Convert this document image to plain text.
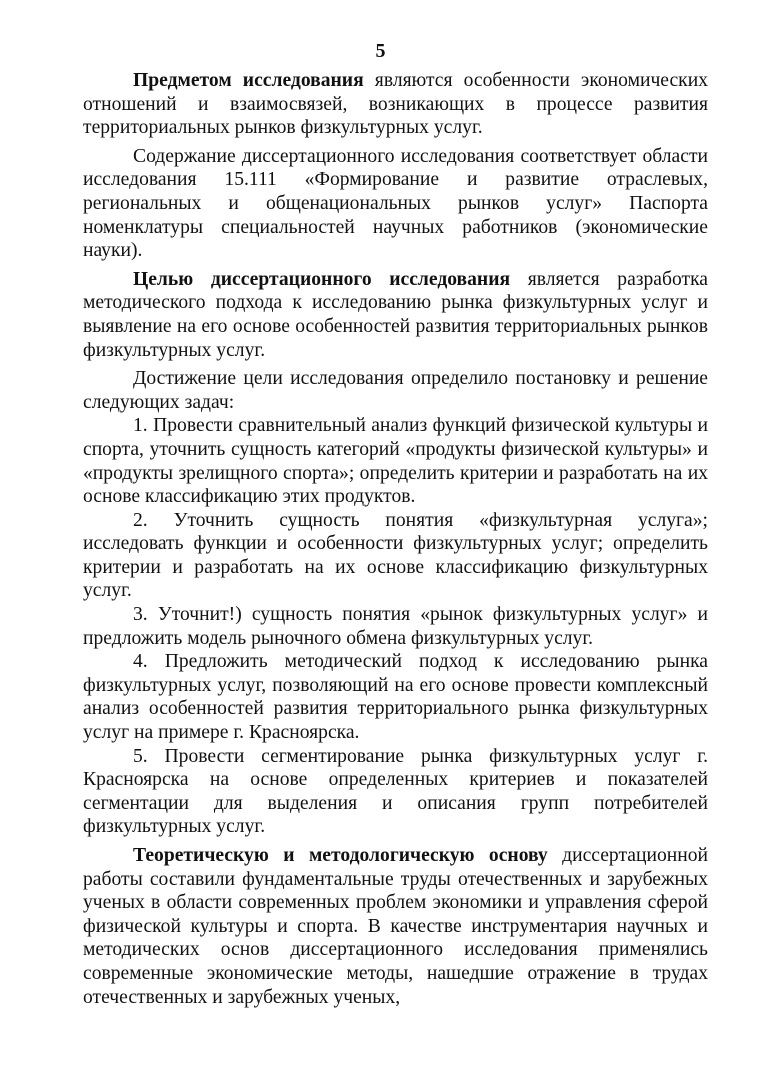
5

Предметом исследования являются особенности экономических отношений и взаимосвязей, возникающих в процессе развития территориальных рынков физкультурных услуг.

Содержание диссертационного исследования соответствует области исследования 15.111 «Формирование и развитие отраслевых, региональных и общенациональных рынков услуг» Паспорта номенклатуры специальностей научных работников (экономические науки).

Целью диссертационного исследования является разработка методического подхода к исследованию рынка физкультурных услуг и выявление на его основе особенностей развития территориальных рынков физкультурных услуг.

Достижение цели исследования определило постановку и решение следующих задач:

1. Провести сравнительный анализ функций физической культуры и спорта, уточнить сущность категорий «продукты физической культуры» и «продукты зрелищного спорта»; определить критерии и разработать на их основе классификацию этих продуктов.

2. Уточнить сущность понятия «физкультурная услуга»; исследовать функции и особенности физкультурных услуг; определить критерии и разработать на их основе классификацию физкультурных услуг.

3. Уточнит!) сущность понятия «рынок физкультурных услуг» и предложить модель рыночного обмена физкультурных услуг.

4. Предложить методический подход к исследованию рынка физкультурных услуг, позволяющий на его основе провести комплексный анализ особенностей развития территориального рынка физкультурных услуг на примере г. Красноярска.

5. Провести сегментирование рынка физкультурных услуг г. Красноярска на основе определенных критериев и показателей сегментации для выделения и описания групп потребителей физкультурных услуг.

Теоретическую и методологическую основу диссертационной работы составили фундаментальные труды отечественных и зарубежных ученых в области современных проблем экономики и управления сферой физической культуры и спорта. В качестве инструментария научных и методических основ диссертационного исследования применялись современные экономические методы, нашедшие отражение в трудах отечественных и зарубежных ученых,
